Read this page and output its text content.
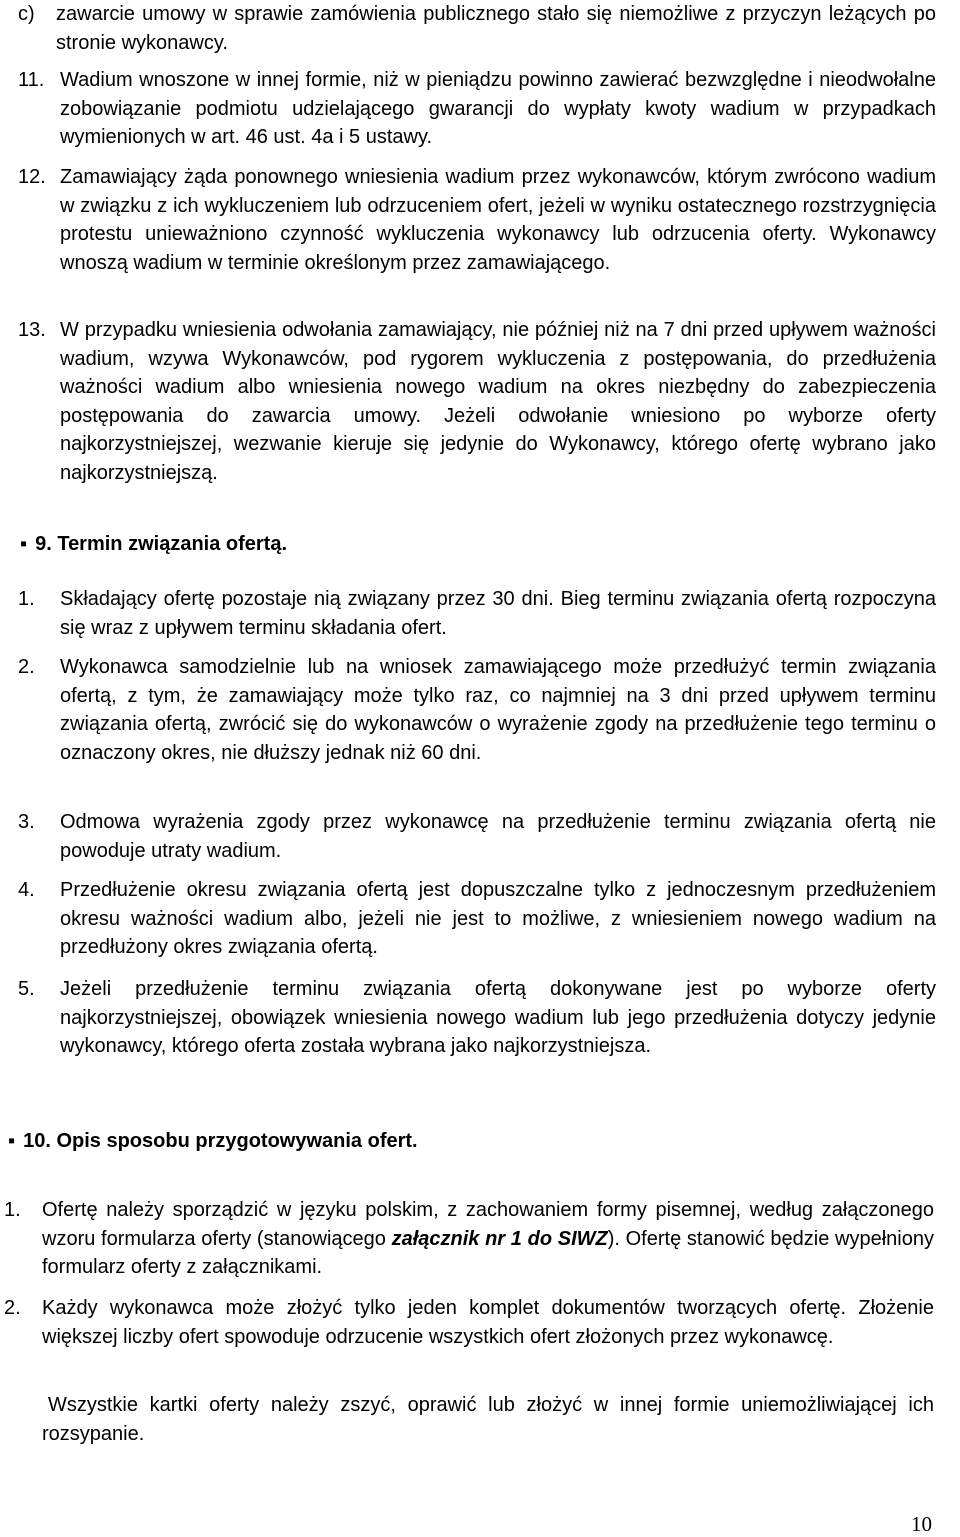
c)	zawarcie umowy w sprawie zamówienia publicznego stało się niemożliwe z przyczyn leżących po stronie wykonawcy.
11. Wadium wnoszone w innej formie, niż w pieniądzu powinno zawierać bezwzględne i nieodwołalne zobowiązanie podmiotu udzielającego gwarancji do wypłaty kwoty wadium w przypadkach wymienionych w art. 46 ust. 4a i 5 ustawy.
12. Zamawiający żąda ponownego wniesienia wadium przez wykonawców, którym zwrócono wadium w związku z ich wykluczeniem lub odrzuceniem ofert, jeżeli w wyniku ostatecznego rozstrzygnięcia protestu unieważniono czynność wykluczenia wykonawcy lub odrzucenia oferty. Wykonawcy wnoszą wadium w terminie określonym przez zamawiającego.
13. W przypadku wniesienia odwołania zamawiający, nie później niż na 7 dni przed upływem ważności wadium, wzywa Wykonawców, pod rygorem wykluczenia z postępowania, do przedłużenia ważności wadium albo wniesienia nowego wadium na okres niezbędny do zabezpieczenia postępowania do zawarcia umowy. Jeżeli odwołanie wniesiono po wyborze oferty najkorzystniejszej, wezwanie kieruje się jedynie do Wykonawcy, którego ofertę wybrano jako najkorzystniejszą.
▪ 9. Termin związania ofertą.
1.	Składający ofertę pozostaje nią związany przez 30 dni. Bieg terminu związania ofertą rozpoczyna się wraz z upływem terminu składania ofert.
2.	Wykonawca samodzielnie lub na wniosek zamawiającego może przedłużyć termin związania ofertą, z tym, że zamawiający może tylko raz, co najmniej na 3 dni przed upływem terminu związania ofertą, zwrócić się do wykonawców o wyrażenie zgody na przedłużenie tego terminu o oznaczony okres, nie dłuższy jednak niż 60 dni.
3.	Odmowa wyrażenia zgody przez wykonawcę na przedłużenie terminu związania ofertą nie powoduje utraty wadium.
4.	Przedłużenie okresu związania ofertą jest dopuszczalne tylko z jednoczesnym przedłużeniem okresu ważności wadium albo, jeżeli nie jest to możliwe, z wniesieniem nowego wadium na przedłużony okres związania ofertą.
5.	Jeżeli przedłużenie terminu związania ofertą dokonywane jest po wyborze oferty najkorzystniejszej, obowiązek wniesienia nowego wadium lub jego przedłużenia dotyczy jedynie wykonawcy, którego oferta została wybrana jako najkorzystniejsza.
▪ 10. Opis sposobu przygotowywania ofert.
1.	Ofertę należy sporządzić w języku polskim, z zachowaniem formy pisemnej, według załączonego wzoru formularza oferty (stanowiącego załącznik nr 1 do SIWZ). Ofertę stanowić będzie wypełniony formularz oferty z załącznikami.
2.	Każdy wykonawca może złożyć tylko jeden komplet dokumentów tworzących ofertę. Złożenie większej liczby ofert spowoduje odrzucenie wszystkich ofert złożonych przez wykonawcę.
Wszystkie kartki oferty należy zszyć, oprawić lub złożyć w innej formie uniemożliwiającej ich rozsypanie.
10
